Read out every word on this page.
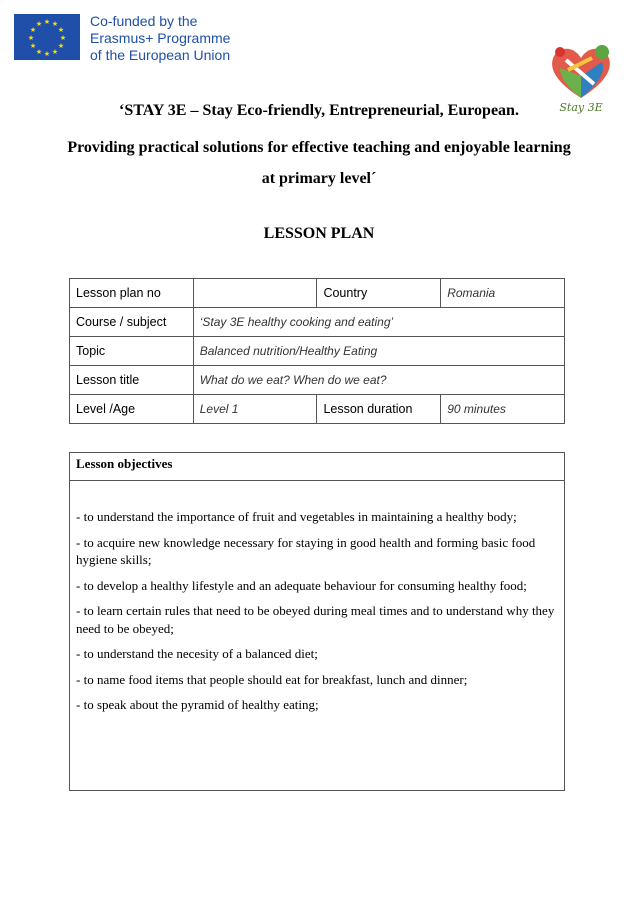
★ ★
★
★
★
★
★
★
★
★
★
★	Co-funded by the
Erasmus+ Programme
of the European Union
Stay 3E
‘STAY 3E – Stay Eco-friendly, Entrepreneurial, European.
Providing practical solutions for effective teaching and enjoyable learning
at primary level´
LESSON PLAN
Lesson plan no		Country	Romania
Course / subject	‘Stay 3E healthy cooking and eating’		
Topic	Balanced nutrition/Healthy Eating		
Lesson title	What do we eat? When do we eat?		
Level /Age	Level 1	Lesson duration	90 minutes
Lesson objectives
- to understand the importance of fruit and vegetables in maintaining a healthy body;
- to acquire new knowledge necessary for staying in good health and forming basic food hygiene skills;
- to develop a healthy lifestyle and an adequate behaviour for consuming healthy food;
- to learn certain rules that need to be obeyed during meal times and to understand why they need to be obeyed;
- to understand the necesity of a balanced diet;
- to name food items that people should eat for breakfast, lunch and dinner;
- to speak about the pyramid of healthy eating;
